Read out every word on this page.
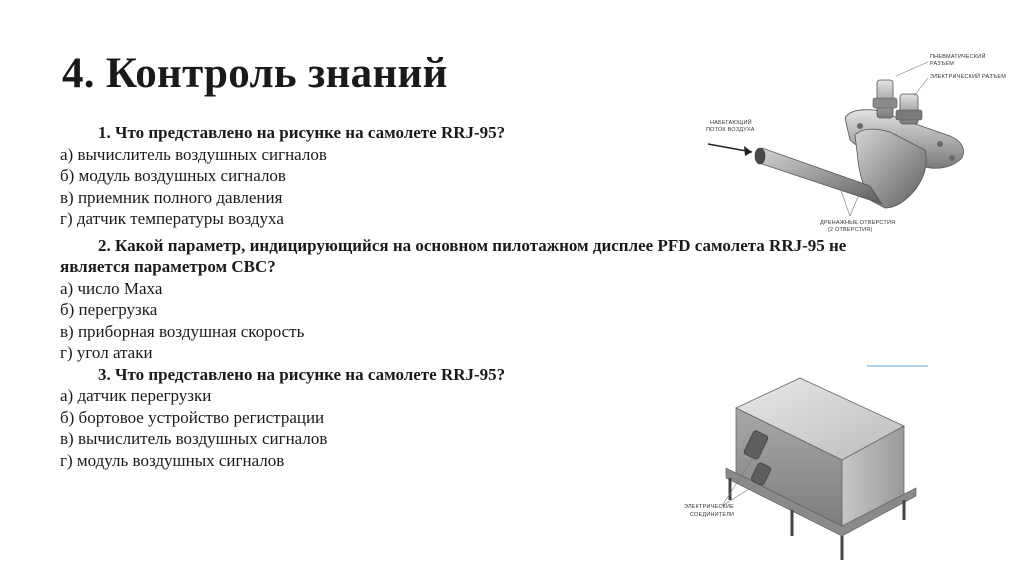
4. Контроль знаний

1. Что представлено на рисунке на самолете RRJ-95?

а) вычислитель воздушных сигналов

б) модуль воздушных сигналов

в) приемник полного давления

г) датчик температуры воздуха

2. Какой параметр, индицирующийся на основном пилотажном дисплее PFD самолета RRJ-95 не

является параметром СВС?

а) число Маха

б) перегрузка

в) приборная воздушная скорость

г) угол атаки

3. Что представлено на рисунке на самолете RRJ-95?

а) датчик перегрузки

б) бортовое устройство регистрации

в) вычислитель воздушных сигналов

г) модуль воздушных сигналов

ПНЕВМАТИЧЕСКИЙ
РАЗЪЕМ
ЭЛЕКТРИЧЕСКИЙ РАЗЪЕМ
НАБЕГАЮЩИЙ
ПОТОК ВОЗДУХА
ДРЕНАЖНЫЕ ОТВЕРСТИЯ
(2 ОТВЕРСТИЯ)
ЭЛЕКТРИЧЕСКИЕ
СОЕДИНИТЕЛИ
